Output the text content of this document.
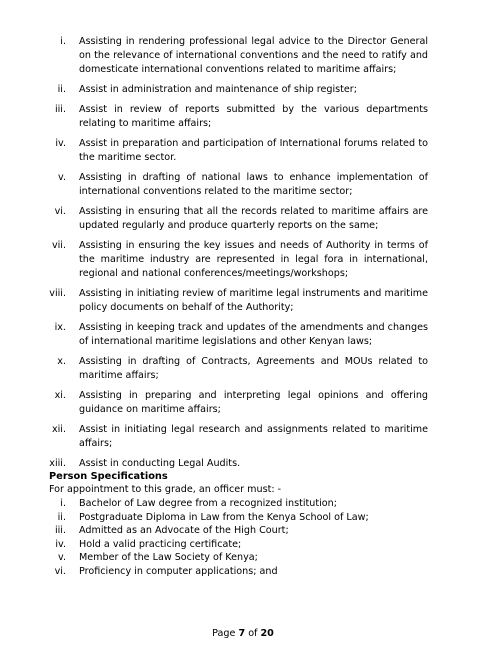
i. Assisting in rendering professional legal advice to the Director General on the relevance of international conventions and the need to ratify and domesticate international conventions related to maritime affairs;
ii. Assist in administration and maintenance of ship register;
iii. Assist in review of reports submitted by the various departments relating to maritime affairs;
iv. Assist in preparation and participation of International forums related to the maritime sector.
v. Assisting in drafting of national laws to enhance implementation of international conventions related to the maritime sector;
vi. Assisting in ensuring that all the records related to maritime affairs are updated regularly and produce quarterly reports on the same;
vii. Assisting in ensuring the key issues and needs of Authority in terms of the maritime industry are represented in legal fora in international, regional and national conferences/meetings/workshops;
viii. Assisting in initiating review of maritime legal instruments and maritime policy documents on behalf of the Authority;
ix. Assisting in keeping track and updates of the amendments and changes of international maritime legislations and other Kenyan laws;
x. Assisting in drafting of Contracts, Agreements and MOUs related to maritime affairs;
xi. Assisting in preparing and interpreting legal opinions and offering guidance on maritime affairs;
xii. Assist in initiating legal research and assignments related to maritime affairs;
xiii. Assist in conducting Legal Audits.
Person Specifications
For appointment to this grade, an officer must: -
i. Bachelor of Law degree from a recognized institution;
ii. Postgraduate Diploma in Law from the Kenya School of Law;
iii. Admitted as an Advocate of the High Court;
iv. Hold a valid practicing certificate;
v. Member of the Law Society of Kenya;
vi. Proficiency in computer applications; and
Page 7 of 20
